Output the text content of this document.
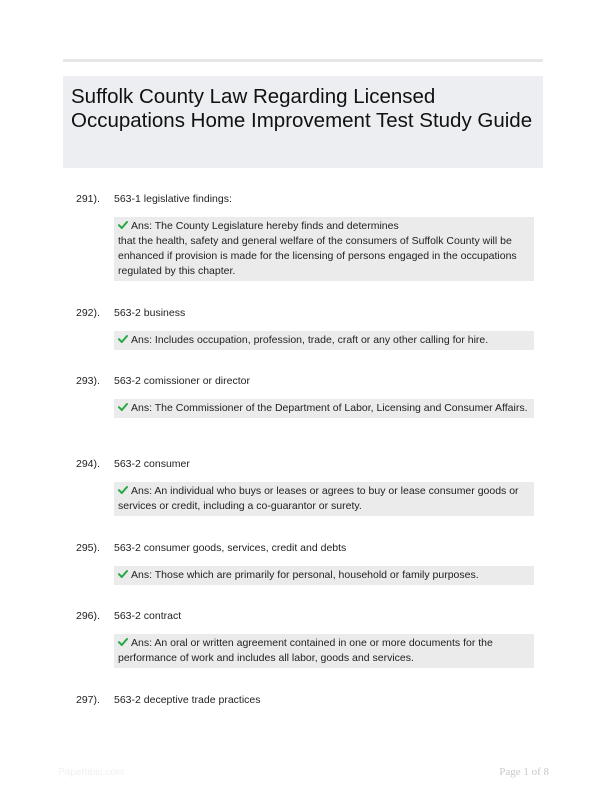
Suffolk County Law Regarding Licensed Occupations Home Improvement Test Study Guide
291).	563-1 legislative findings:
Ans: The County Legislature hereby finds and determines
that the health, safety and general welfare of the consumers of Suffolk County will be enhanced if provision is made for the licensing of persons engaged in the occupations regulated by this chapter.
292).	563-2 business
Ans: Includes occupation, profession, trade, craft or any other calling for hire.
293).	563-2 comissioner or director
Ans: The Commissioner of the Department of Labor, Licensing and Consumer Affairs.
294).	563-2 consumer
Ans: An individual who buys or leases or agrees to buy or lease consumer goods or services or credit, including a co-guarantor or surety.
295).	563-2 consumer goods, services, credit and debts
Ans: Those which are primarily for personal, household or family purposes.
296).	563-2 contract
Ans: An oral or written agreement contained in one or more documents for the performance of work and includes all labor, goods and services.
297).	563-2 deceptive trade practices
Papertibic.com	Page 1 of 8
